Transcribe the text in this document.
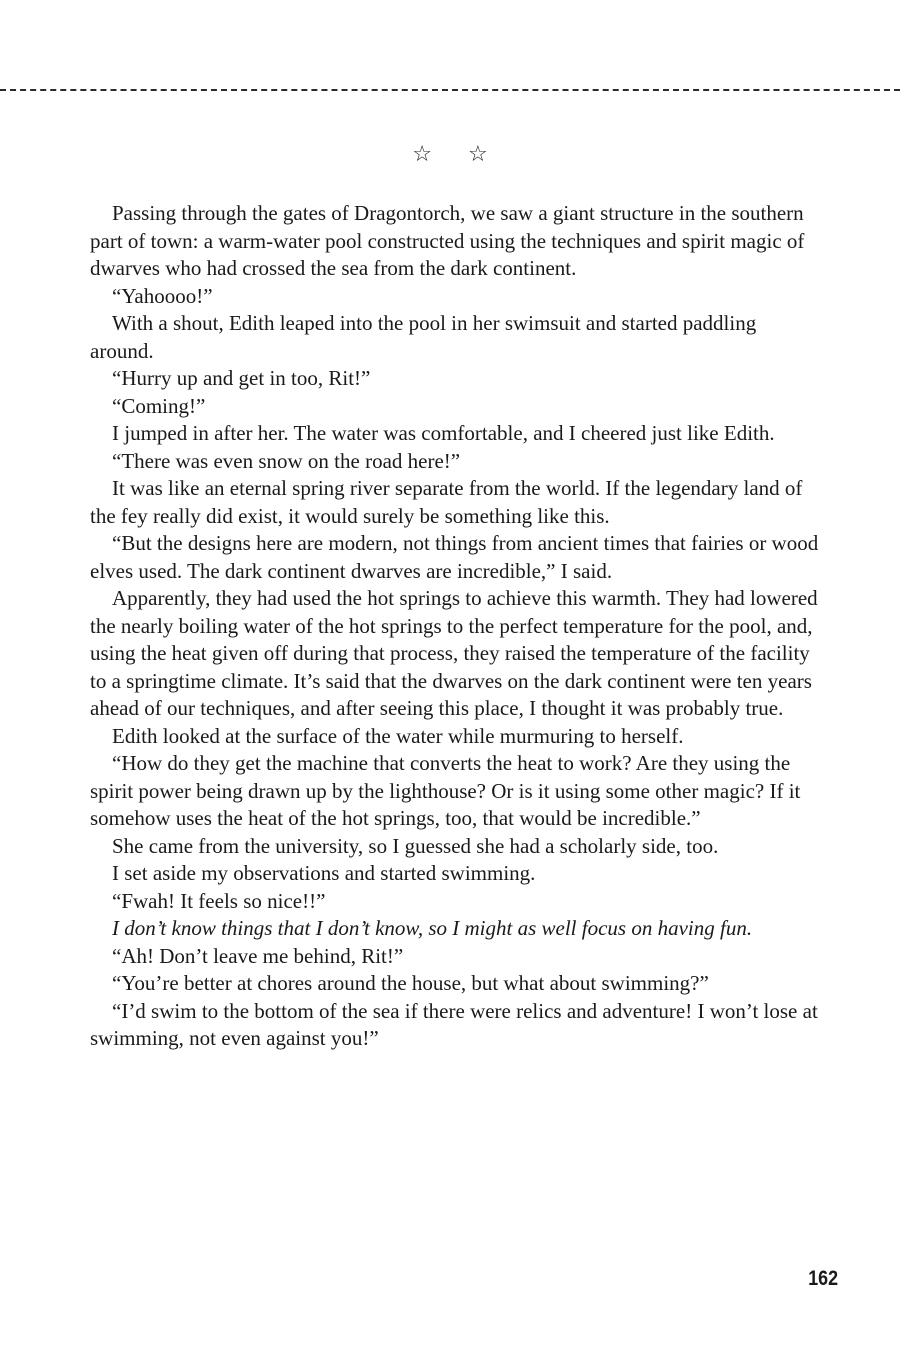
☆ ☆

Passing through the gates of Dragontorch, we saw a giant structure in the southern part of town: a warm-water pool constructed using the techniques and spirit magic of dwarves who had crossed the sea from the dark continent.

“Yahoooo!”

With a shout, Edith leaped into the pool in her swimsuit and started paddling around.

“Hurry up and get in too, Rit!”

“Coming!”

I jumped in after her. The water was comfortable, and I cheered just like Edith.

“There was even snow on the road here!”

It was like an eternal spring river separate from the world. If the legendary land of the fey really did exist, it would surely be something like this.

“But the designs here are modern, not things from ancient times that fairies or wood elves used. The dark continent dwarves are incredible,” I said.

Apparently, they had used the hot springs to achieve this warmth. They had lowered the nearly boiling water of the hot springs to the perfect temperature for the pool, and, using the heat given off during that process, they raised the temperature of the facility to a springtime climate. It’s said that the dwarves on the dark continent were ten years ahead of our techniques, and after seeing this place, I thought it was probably true.

Edith looked at the surface of the water while murmuring to herself.

“How do they get the machine that converts the heat to work? Are they using the spirit power being drawn up by the lighthouse? Or is it using some other magic? If it somehow uses the heat of the hot springs, too, that would be incredible.”

She came from the university, so I guessed she had a scholarly side, too.

I set aside my observations and started swimming.

“Fwah! It feels so nice!!”

I don’t know things that I don’t know, so I might as well focus on having fun.

“Ah! Don’t leave me behind, Rit!”

“You’re better at chores around the house, but what about swimming?”

“I’d swim to the bottom of the sea if there were relics and adventure! I won’t lose at swimming, not even against you!”

162
